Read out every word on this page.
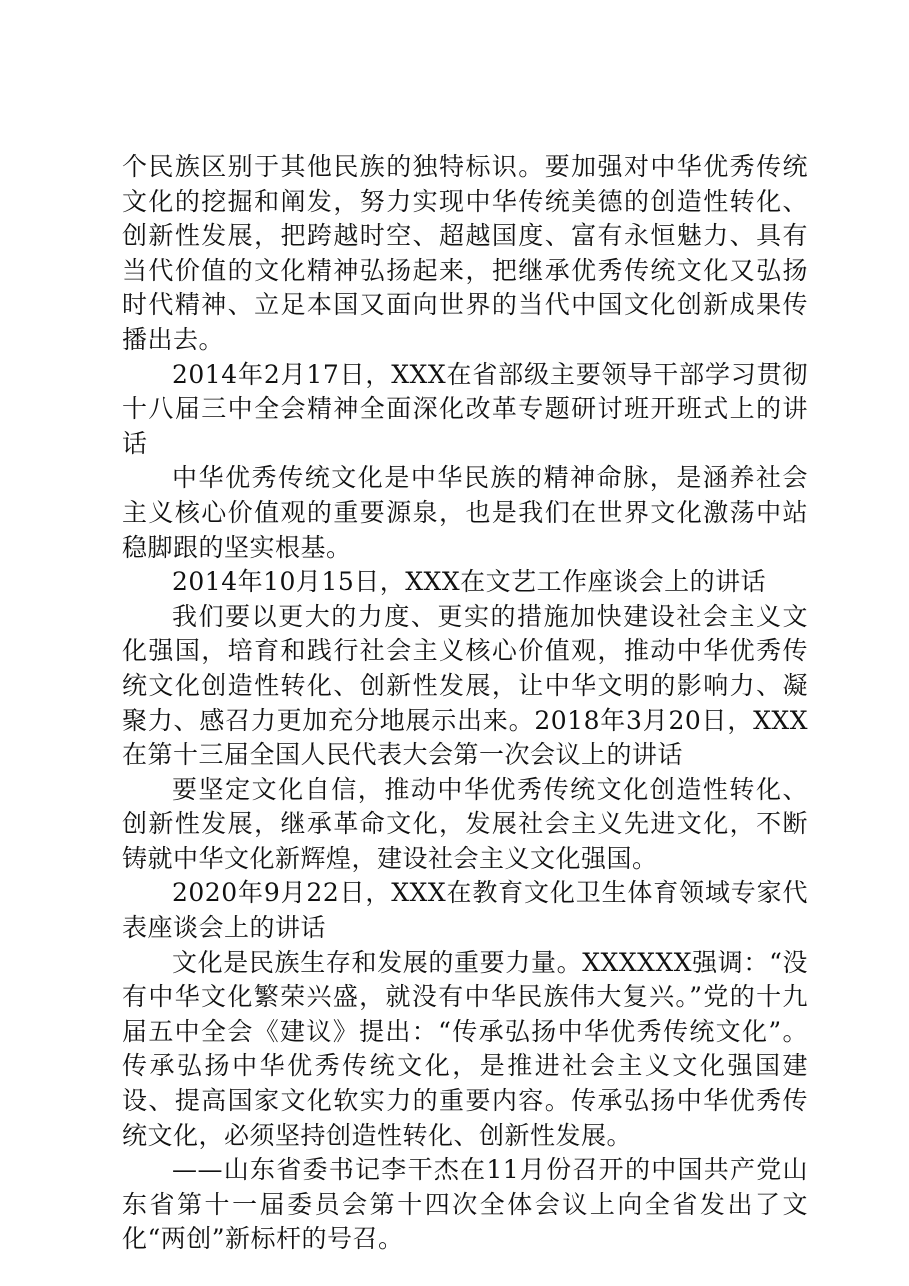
个民族区别于其他民族的独特标识。要加强对中华优秀传统文化的挖掘和阐发，努力实现中华传统美德的创造性转化、创新性发展，把跨越时空、超越国度、富有永恒魅力、具有当代价值的文化精神弘扬起来，把继承优秀传统文化又弘扬时代精神、立足本国又面向世界的当代中国文化创新成果传播出去。

2014年2月17日，XXX在省部级主要领导干部学习贯彻十八届三中全会精神全面深化改革专题研讨班开班式上的讲话

中华优秀传统文化是中华民族的精神命脉，是涵养社会主义核心价值观的重要源泉，也是我们在世界文化激荡中站稳脚跟的坚实根基。

2014年10月15日，XXX在文艺工作座谈会上的讲话

我们要以更大的力度、更实的措施加快建设社会主义文化强国，培育和践行社会主义核心价值观，推动中华优秀传统文化创造性转化、创新性发展，让中华文明的影响力、凝聚力、感召力更加充分地展示出来。2018年3月20日，XXX在第十三届全国人民代表大会第一次会议上的讲话

要坚定文化自信，推动中华优秀传统文化创造性转化、创新性发展，继承革命文化，发展社会主义先进文化，不断铸就中华文化新辉煌，建设社会主义文化强国。

2020年9月22日，XXX在教育文化卫生体育领域专家代表座谈会上的讲话

文化是民族生存和发展的重要力量。XXXXXX强调：“没有中华文化繁荣兴盛，就没有中华民族伟大复兴。”党的十九届五中全会《建议》提出：“传承弘扬中华优秀传统文化”。传承弘扬中华优秀传统文化，是推进社会主义文化强国建设、提高国家文化软实力的重要内容。传承弘扬中华优秀传统文化，必须坚持创造性转化、创新性发展。

——山东省委书记李干杰在11月份召开的中国共产党山东省第十一届委员会第十四次全体会议上向全省发出了文化“两创”新标杆的号召。
